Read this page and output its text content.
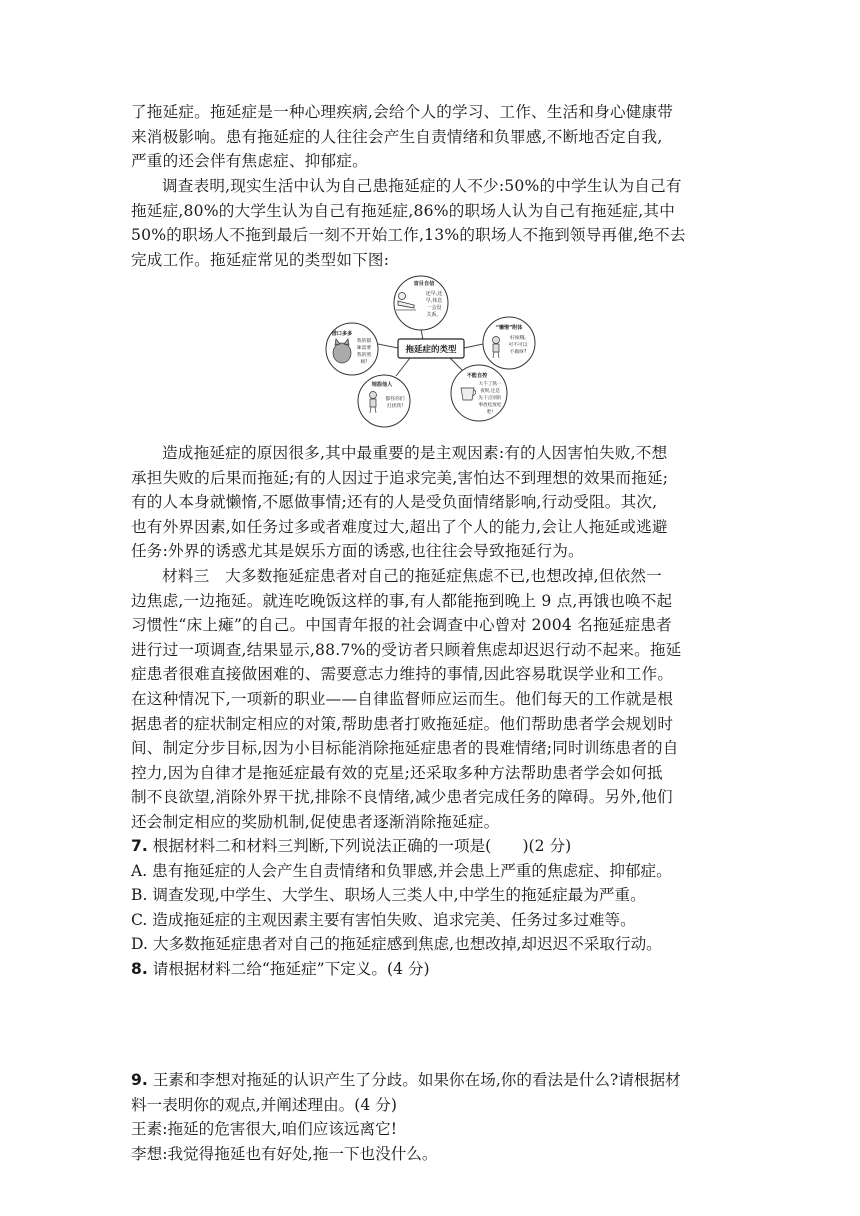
了拖延症。拖延症是一种心理疾病,会给个人的学习、工作、生活和身心健康带
来消极影响。患有拖延症的人往往会产生自责情绪和负罪感,不断地否定自我,
严重的还会伴有焦虑症、抑郁症。
调查表明,现实生活中认为自己患拖延症的人不少:50%的中学生认为自己有
拖延症,80%的大学生认为自己有拖延症,86%的职场人认为自己有拖延症,其中
50%的职场人不拖到最后一刻不开始工作,13%的职场人不拖到领导再催,绝不去
完成工作。拖延症常见的类型如下图:
拖延症的类型
盲目自信
还早,还
早,休息
一会没
关系。
借口多多
我的猫
咪需要
我的照
顾!
“懒惰”附体
好烦哦,
可不可以
不做呀?
埋怨他人
都怪你们
打扰我!
不能自控
大不了熬一
夜呗,还是
先干点别的
事放松放松
吧!
造成拖延症的原因很多,其中最重要的是主观因素:有的人因害怕失败,不想
承担失败的后果而拖延;有的人因过于追求完美,害怕达不到理想的效果而拖延;
有的人本身就懒惰,不愿做事情;还有的人是受负面情绪影响,行动受阻。其次,
也有外界因素,如任务过多或者难度过大,超出了个人的能力,会让人拖延或逃避
任务:外界的诱惑尤其是娱乐方面的诱惑,也往往会导致拖延行为。
材料三　大多数拖延症患者对自己的拖延症焦虑不已,也想改掉,但依然一
边焦虑,一边拖延。就连吃晚饭这样的事,有人都能拖到晚上 9 点,再饿也唤不起
习惯性“床上瘫”的自己。中国青年报的社会调查中心曾对 2004 名拖延症患者
进行过一项调查,结果显示,88.7%的受访者只顾着焦虑却迟迟行动不起来。拖延
症患者很难直接做困难的、需要意志力维持的事情,因此容易耽误学业和工作。
在这种情况下,一项新的职业——自律监督师应运而生。他们每天的工作就是根
据患者的症状制定相应的对策,帮助患者打败拖延症。他们帮助患者学会规划时
间、制定分步目标,因为小目标能消除拖延症患者的畏难情绪;同时训练患者的自
控力,因为自律才是拖延症最有效的克星;还采取多种方法帮助患者学会如何抵
制不良欲望,消除外界干扰,排除不良情绪,减少患者完成任务的障碍。另外,他们
还会制定相应的奖励机制,促使患者逐渐消除拖延症。
7. 根据材料二和材料三判断,下列说法正确的一项是(　　)(2 分)
A. 患有拖延症的人会产生自责情绪和负罪感,并会患上严重的焦虑症、抑郁症。
B. 调查发现,中学生、大学生、职场人三类人中,中学生的拖延症最为严重。
C. 造成拖延症的主观因素主要有害怕失败、追求完美、任务过多过难等。
D. 大多数拖延症患者对自己的拖延症感到焦虑,也想改掉,却迟迟不采取行动。
8. 请根据材料二给“拖延症”下定义。(4 分)
9. 王素和李想对拖延的认识产生了分歧。如果你在场,你的看法是什么?请根据材
料一表明你的观点,并阐述理由。(4 分)
王素:拖延的危害很大,咱们应该远离它!
李想:我觉得拖延也有好处,拖一下也没什么。
